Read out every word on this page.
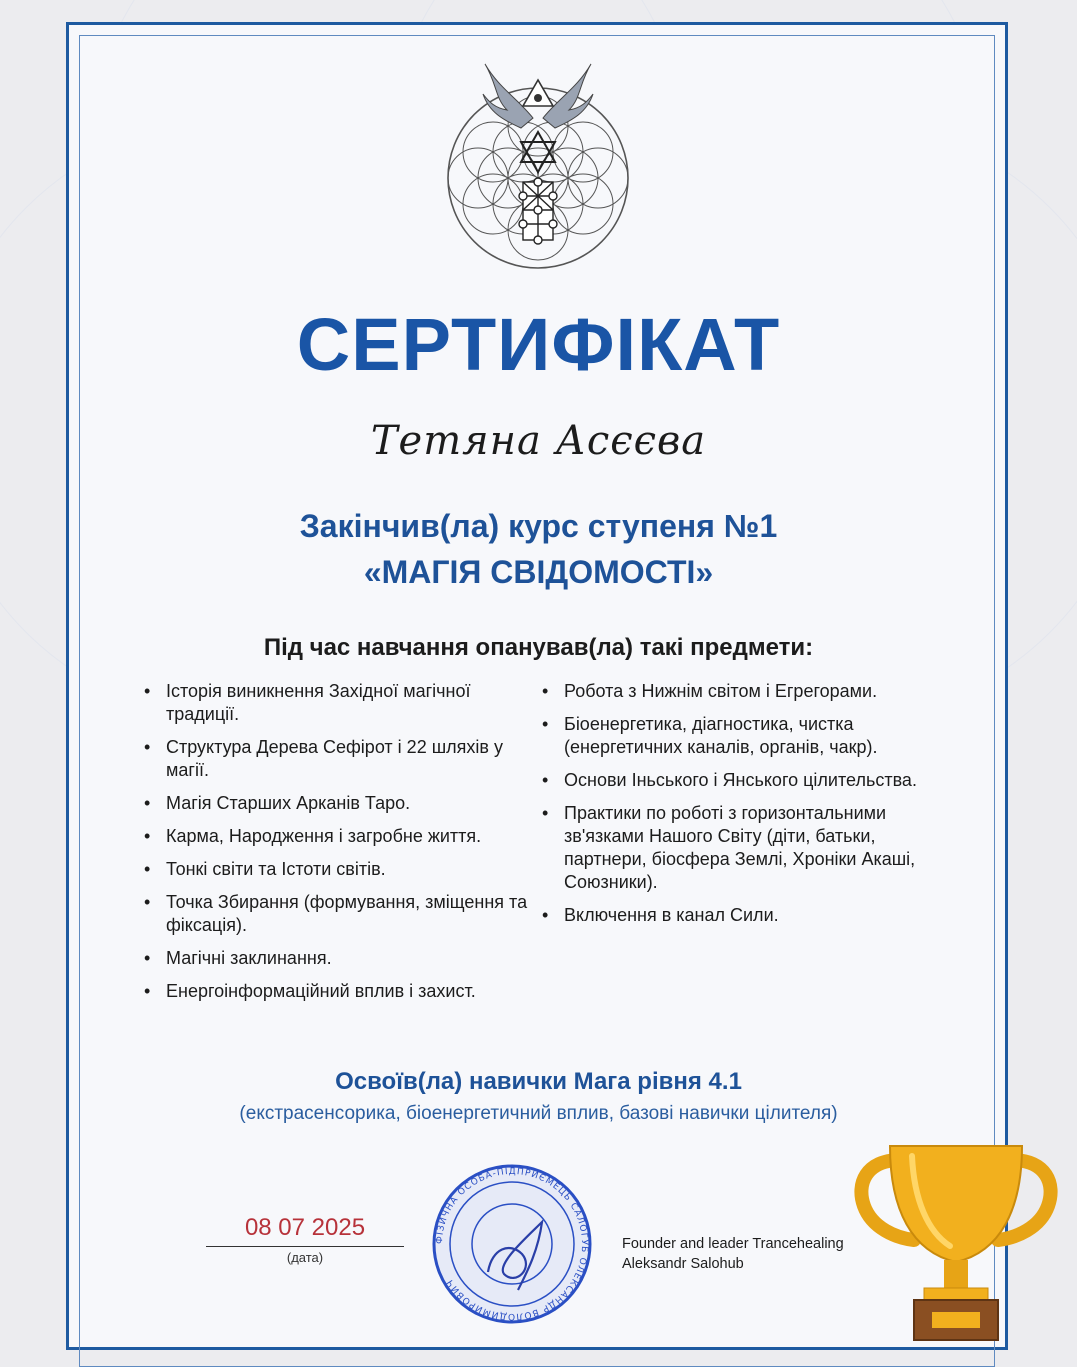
СЕРТИФІКАТ
Тетяна Асєєва
Закінчив(ла) курс ступеня №1
«МАГІЯ СВІДОМОСТІ»
Під час навчання опанував(ла) такі предмети:
• Історія виникнення Західної магічної традиції.
• Структура Дерева Сефірот і 22 шляхів у магії.
• Магія Старших Арканів Таро.
• Карма, Народження і загробне життя.
• Тонкі світи та Істоти світів.
• Точка Збирання (формування, зміщення та фіксація).
• Магічні заклинання.
• Енергоінформаційний вплив і захист.
• Робота з Нижнім світом і Егрегорами.
• Біоенергетика, діагностика, чистка (енергетичних каналів, органів, чакр).
• Основи Іньського і Янського цілительства.
• Практики по роботі з горизонтальними зв'язками Нашого Світу (діти, батьки, партнери, біосфера Землі, Хроніки Акаші, Союзники).
• Включення в канал Сили.
Освоїв(ла) навички Мага рівня 4.1
(екстрасенсорика, біоенергетичний вплив, базові навички цілителя)
08 07 2025
(дата)
ФІЗИЧНА ОСОБА-ПІДПРИЄМЕЦЬ САЛОГУБ ОЛЕКСАНДР ВОЛОДИМИРОВИЧ
Founder and leader Trancehealing
Aleksandr Salohub
